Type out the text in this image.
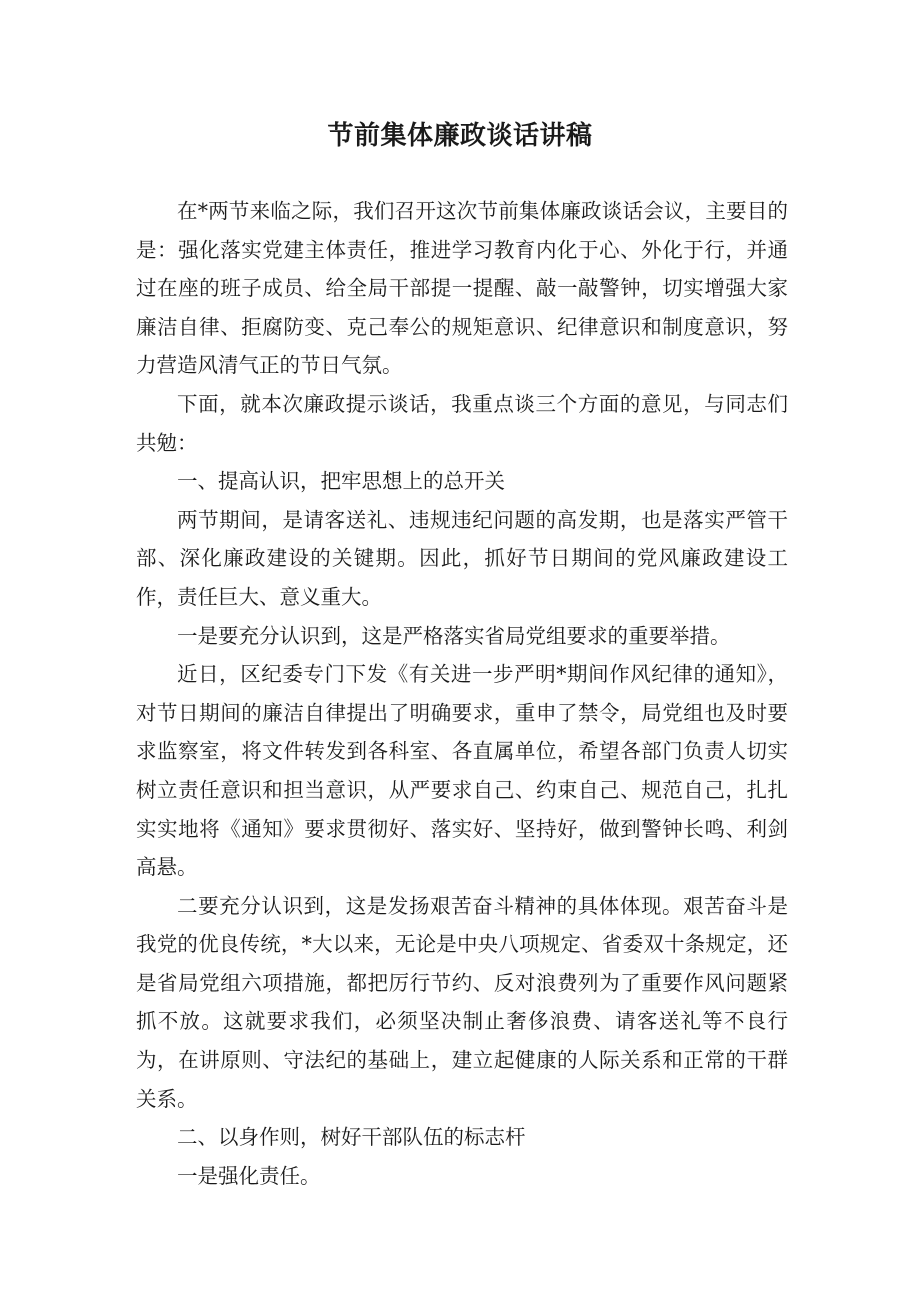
节前集体廉政谈话讲稿

在*两节来临之际，我们召开这次节前集体廉政谈话会议，主要目的是：强化落实党建主体责任，推进学习教育内化于心、外化于行，并通过在座的班子成员、给全局干部提一提醒、敲一敲警钟，切实增强大家廉洁自律、拒腐防变、克己奉公的规矩意识、纪律意识和制度意识，努力营造风清气正的节日气氛。

下面，就本次廉政提示谈话，我重点谈三个方面的意见，与同志们共勉：

一、提高认识，把牢思想上的总开关

两节期间，是请客送礼、违规违纪问题的高发期，也是落实严管干部、深化廉政建设的关键期。因此，抓好节日期间的党风廉政建设工作，责任巨大、意义重大。

一是要充分认识到，这是严格落实省局党组要求的重要举措。

近日，区纪委专门下发《有关进一步严明*期间作风纪律的通知》，对节日期间的廉洁自律提出了明确要求，重申了禁令，局党组也及时要求监察室，将文件转发到各科室、各直属单位，希望各部门负责人切实树立责任意识和担当意识，从严要求自己、约束自己、规范自己，扎扎实实地将《通知》要求贯彻好、落实好、坚持好，做到警钟长鸣、利剑高悬。

二要充分认识到，这是发扬艰苦奋斗精神的具体体现。艰苦奋斗是我党的优良传统，*大以来，无论是中央八项规定、省委双十条规定，还是省局党组六项措施，都把厉行节约、反对浪费列为了重要作风问题紧抓不放。这就要求我们，必须坚决制止奢侈浪费、请客送礼等不良行为，在讲原则、守法纪的基础上，建立起健康的人际关系和正常的干群关系。

二、以身作则，树好干部队伍的标志杆

一是强化责任。
